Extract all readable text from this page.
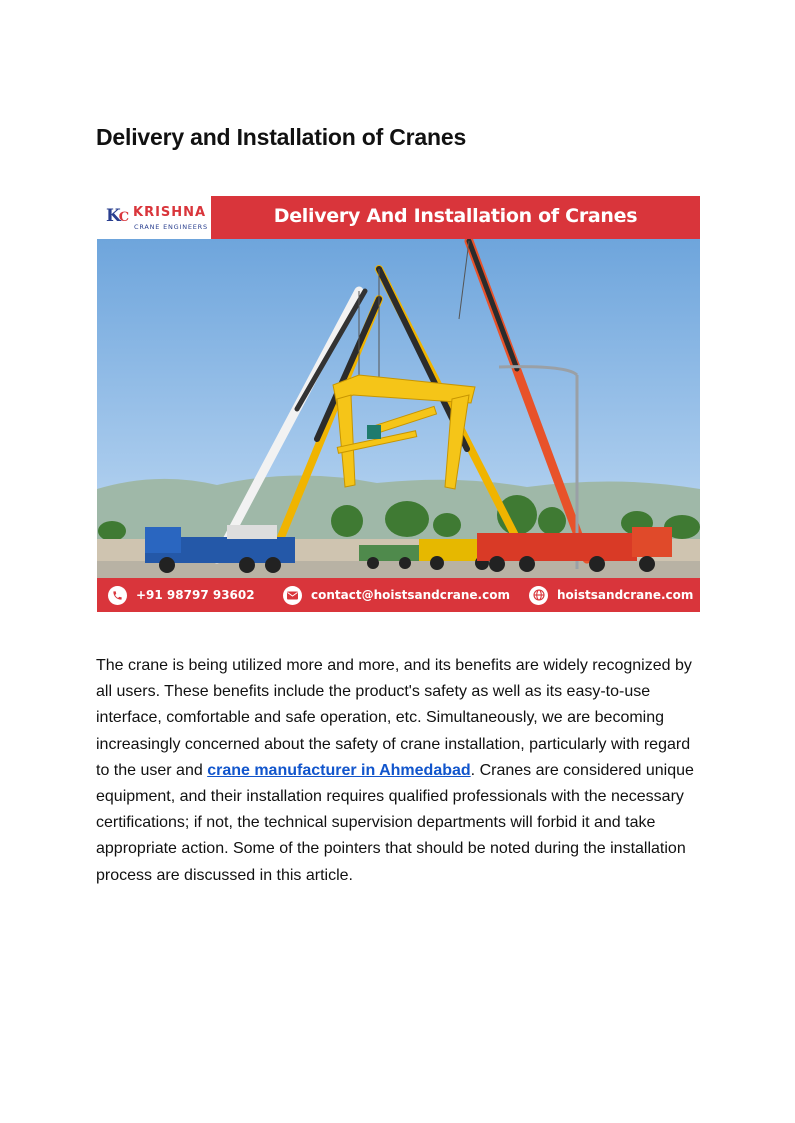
Delivery and Installation of Cranes
KC KRISHNA
CRANE ENGINEERS	Delivery And Installation of Cranes
+91 98797 93602	contact@hoistsandcrane.com	hoistsandcrane.com

The crane is being utilized more and more, and its benefits are widely recognized by all users. These benefits include the product's safety as well as its easy-to-use interface, comfortable and safe operation, etc. Simultaneously, we are becoming increasingly concerned about the safety of crane installation, particularly with regard to the user and crane manufacturer in Ahmedabad. Cranes are considered unique equipment, and their installation requires qualified professionals with the necessary certifications; if not, the technical supervision departments will forbid it and take appropriate action. Some of the pointers that should be noted during the installation process are discussed in this article.
